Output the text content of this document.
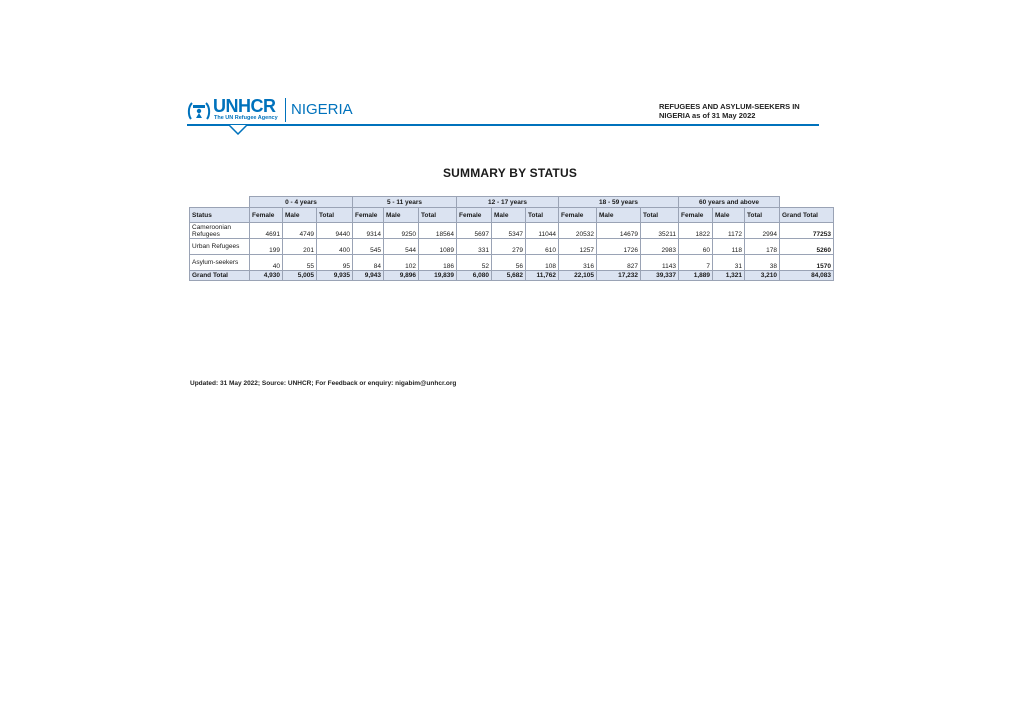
UNHCR
The UN Refugee Agency NIGERIA	REFUGEES AND ASYLUM-SEEKERS IN
NIGERIA as of 31 May 2022
SUMMARY BY STATUS
	0 - 4 years			5 - 11 years			12 - 17 years			18 - 59 years			60 years and above			
Status	Female	Male	Total	Female	Male	Total	Female	Male	Total	Female	Male	Total	Female	Male	Total	Grand Total
Cameroonian Refugees	4691	4749	9440	9314	9250	18564	5697	5347	11044	20532	14679	35211	1822	1172	2994	77253
Urban Refugees	199	201	400	545	544	1089	331	279	610	1257	1726	2983	60	118	178	5260
Asylum-seekers	40	55	95	84	102	186	52	56	108	316	827	1143	7	31	38	1570
Grand Total	4,930	5,005	9,935	9,943	9,896	19,839	6,080	5,682	11,762	22,105	17,232	39,337	1,889	1,321	3,210	84,083
Updated: 31 May 2022; Source: UNHCR; For Feedback or enquiry: nigabim@unhcr.org
